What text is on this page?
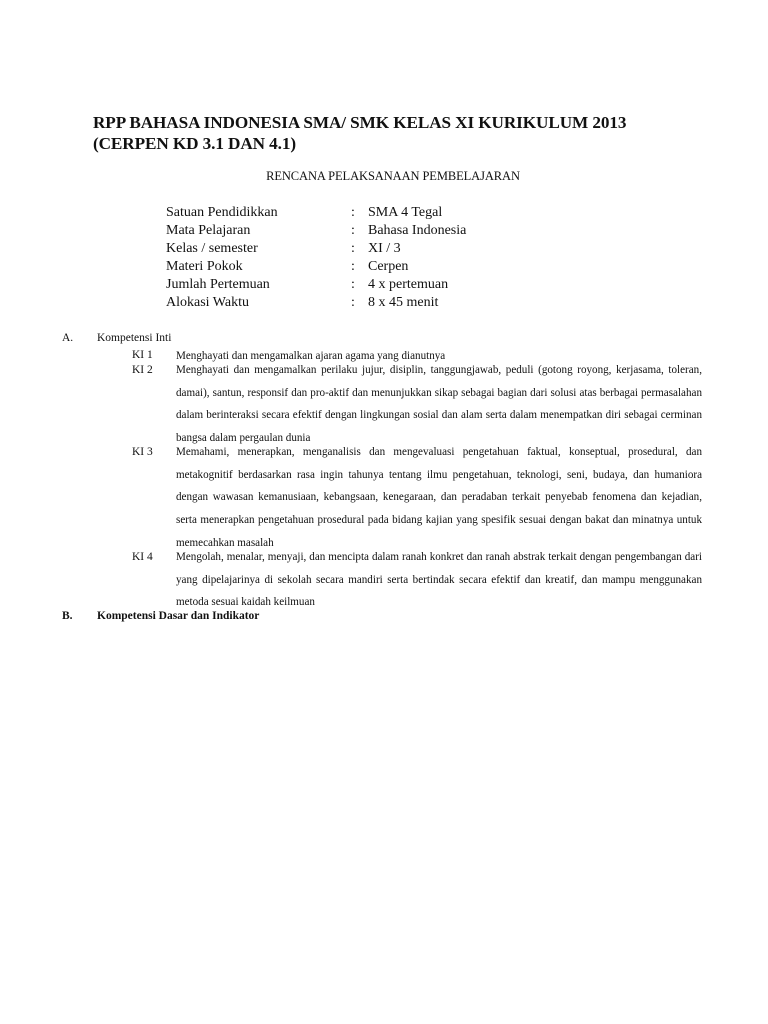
RPP BAHASA INDONESIA SMA/ SMK KELAS XI KURIKULUM 2013
(CERPEN KD 3.1 DAN 4.1)
RENCANA PELAKSANAAN PEMBELAJARAN
Satuan Pendidikkan	: SMA 4 Tegal
Mata Pelajaran	: Bahasa Indonesia
Kelas / semester	: XI / 3
Materi Pokok	: Cerpen
Jumlah Pertemuan	: 4 x pertemuan
Alokasi Waktu	: 8 x 45 menit
A. Kompetensi Inti
KI 1 Menghayati dan mengamalkan ajaran agama yang dianutnya
KI 2 Menghayati dan mengamalkan perilaku jujur, disiplin, tanggungjawab, peduli (gotong royong, kerjasama, toleran, damai), santun, responsif dan pro-aktif dan menunjukkan sikap sebagai bagian dari solusi atas berbagai permasalahan dalam berinteraksi secara efektif dengan lingkungan sosial dan alam serta dalam menempatkan diri sebagai cerminan bangsa dalam pergaulan dunia
KI 3 Memahami, menerapkan, menganalisis dan mengevaluasi pengetahuan faktual, konseptual, prosedural, dan metakognitif berdasarkan rasa ingin tahunya tentang ilmu pengetahuan, teknologi, seni, budaya, dan humaniora dengan wawasan kemanusiaan, kebangsaan, kenegaraan, dan peradaban terkait penyebab fenomena dan kejadian, serta menerapkan pengetahuan prosedural pada bidang kajian yang spesifik sesuai dengan bakat dan minatnya untuk memecahkan masalah
KI 4 Mengolah, menalar, menyaji, dan mencipta dalam ranah konkret dan ranah abstrak terkait dengan pengembangan dari yang dipelajarinya di sekolah secara mandiri serta bertindak secara efektif dan kreatif, dan mampu menggunakan metoda sesuai kaidah keilmuan
B. Kompetensi Dasar dan Indikator
